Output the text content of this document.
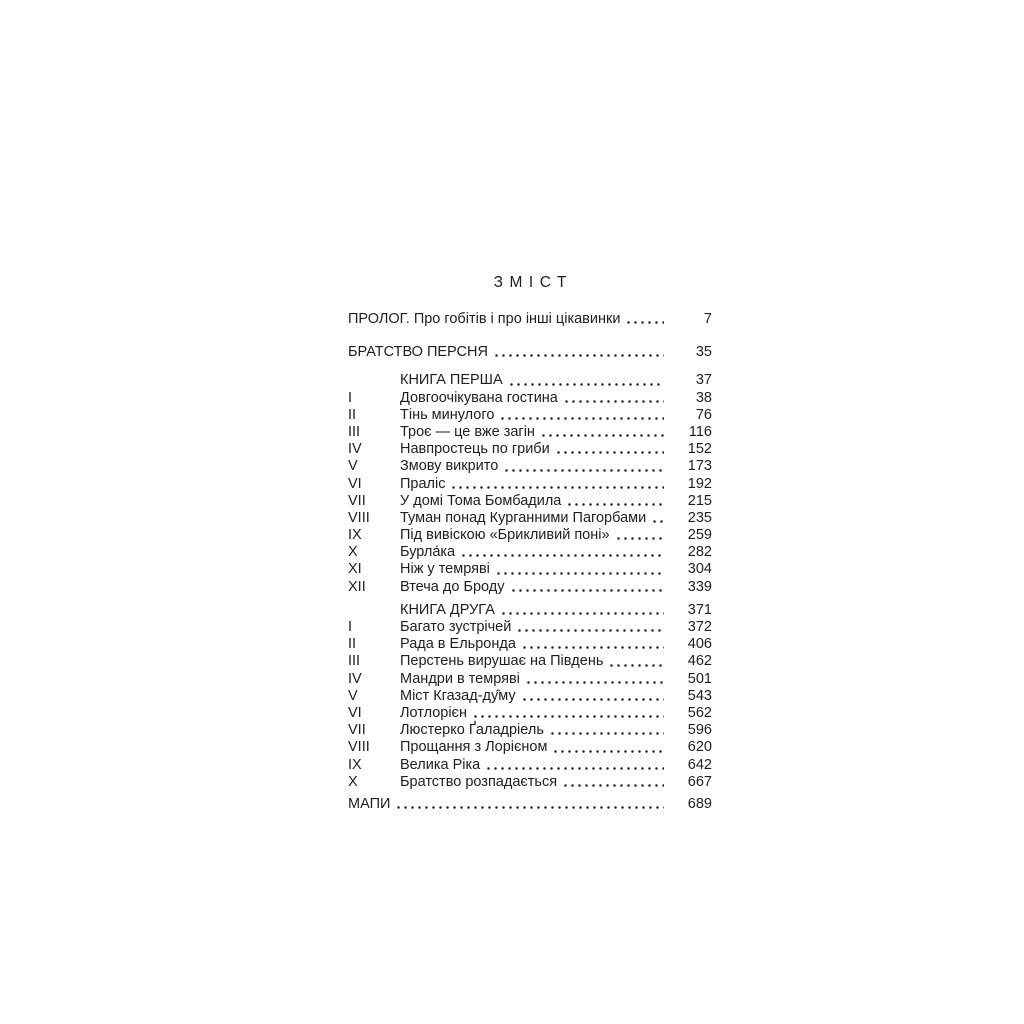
ЗМІСТ
ПРОЛОГ. Про гобітів і про інші цікавинки	7
БРАТСТВО ПЕРСНЯ	35
КНИГА ПЕРША	37
I	Довгоочікувана гостина	38
II	Тінь минулого	76
III	Троє — це вже загін	116
IV	Навпростець по гриби	152
V	Змову викрито	173
VI	Праліс	192
VII	У домі Тома Бомбадила	215
VIII	Туман понад Курганними Пагорбами	235
IX	Під вивіскою «Брикливий поні»	259
X	Бурла́ка	282
XI	Ніж у темряві	304
XII	Втеча до Броду	339
КНИГА ДРУГА	371
I	Багато зустрічей	372
II	Рада в Ельронда	406
III	Перстень вирушає на Південь	462
IV	Мандри в темряві	501
V	Міст Кгазад-ду̂му	543
VI	Лотлорієн	562
VII	Люстерко Ґаладріель	596
VIII	Прощання з Лорієном	620
IX	Велика Ріка	642
X	Братство розпадається	667
МАПИ	689
